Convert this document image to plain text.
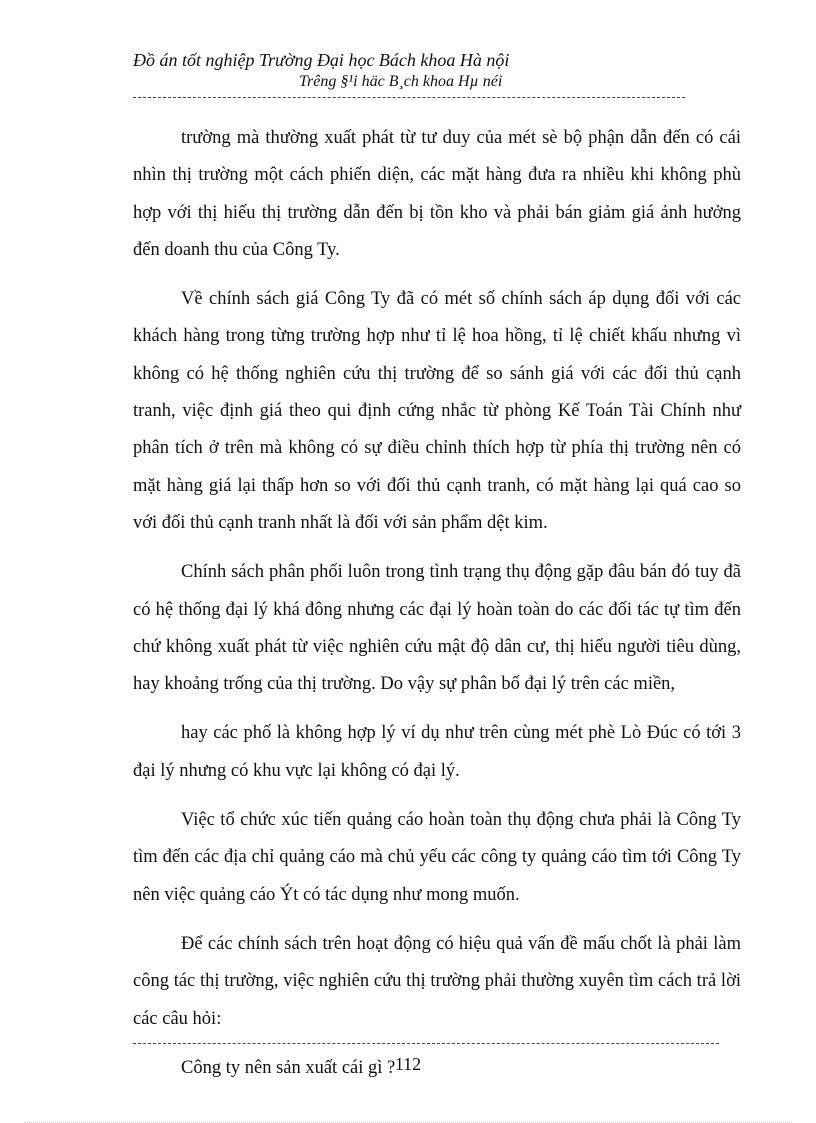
Đồ án tốt nghiệp Trường Đại học Bách khoa Hà nội
Trêng §¹i häc B¸ch khoa Hµ néi

trường mà thường xuất phát từ tư duy của mét sè bộ phận dẫn đến có cái nhìn thị trường một cách phiến diện, các mặt hàng đưa ra nhiều khi không phù hợp với thị hiếu thị trường dẫn đến bị tồn kho và phải bán giảm giá ảnh hưởng đến doanh thu của Công Ty.

Về chính sách giá Công Ty đã có mét số chính sách áp dụng đối với các khách hàng trong từng trường hợp như tỉ lệ hoa hồng, tỉ lệ chiết khấu nhưng vì không có hệ thống nghiên cứu thị trường để so sánh giá với các đối thủ cạnh tranh, việc định giá theo qui định cứng nhắc từ phòng Kế Toán Tài Chính như phân tích ở trên mà không có sự điều chỉnh thích hợp từ phía thị trường nên có mặt hàng giá lại thấp hơn so với đối thủ cạnh tranh, có mặt hàng lại quá cao so với đối thủ cạnh tranh nhất là đối với sản phẩm dệt kim.

Chính sách phân phối luôn trong tình trạng thụ động gặp đâu bán đó tuy đã có hệ thống đại lý khá đông nhưng các đại lý hoàn toàn do các đối tác tự tìm đến chứ không xuất phát từ việc nghiên cứu mật độ dân cư, thị hiếu người tiêu dùng, hay khoảng trống của thị trường. Do vậy sự phân bố đại lý trên các miền,

hay các phố là không hợp lý ví dụ như trên cùng mét phè Lò Đúc có tới 3 đại lý nhưng có khu vực lại không có đại lý.

Việc tổ chức xúc tiến quảng cáo hoàn toàn thụ động chưa phải là Công Ty tìm đến các địa chỉ quảng cáo mà chủ yếu các công ty quảng cáo tìm tới Công Ty nên việc quảng cáo Ýt có tác dụng như mong muốn.

Để các chính sách trên hoạt động có hiệu quả vấn đề mấu chốt là phải làm công tác thị trường, việc nghiên cứu thị trường phải thường xuyên tìm cách trả lời các câu hỏi:

Công ty nên sản xuất cái gì ? 112
